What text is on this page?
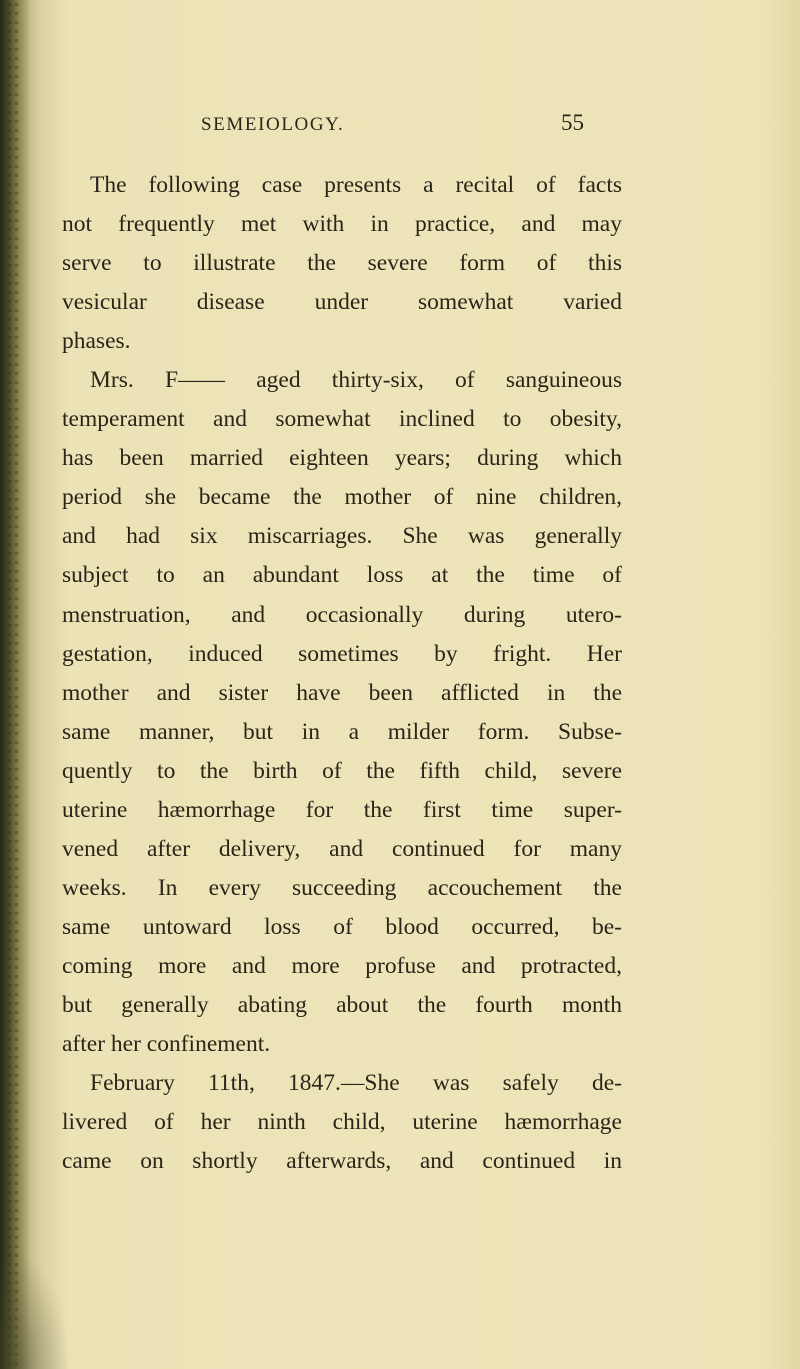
SEMEIOLOGY.	55
The following case presents a recital of facts
not frequently met with in practice, and may
serve to illustrate the severe form of this
vesicular disease under somewhat varied
phases.
Mrs. F—— aged thirty-six, of sanguineous
temperament and somewhat inclined to obesity,
has been married eighteen years; during which
period she became the mother of nine children,
and had six miscarriages. She was generally
subject to an abundant loss at the time of
menstruation, and occasionally during utero-
gestation, induced sometimes by fright. Her
mother and sister have been afflicted in the
same manner, but in a milder form. Subse-
quently to the birth of the fifth child, severe
uterine hæmorrhage for the first time super-
vened after delivery, and continued for many
weeks. In every succeeding accouchement the
same untoward loss of blood occurred, be-
coming more and more profuse and protracted,
but generally abating about the fourth month
after her confinement.
February 11th, 1847.—She was safely de-
livered of her ninth child, uterine hæmorrhage
came on shortly afterwards, and continued in
